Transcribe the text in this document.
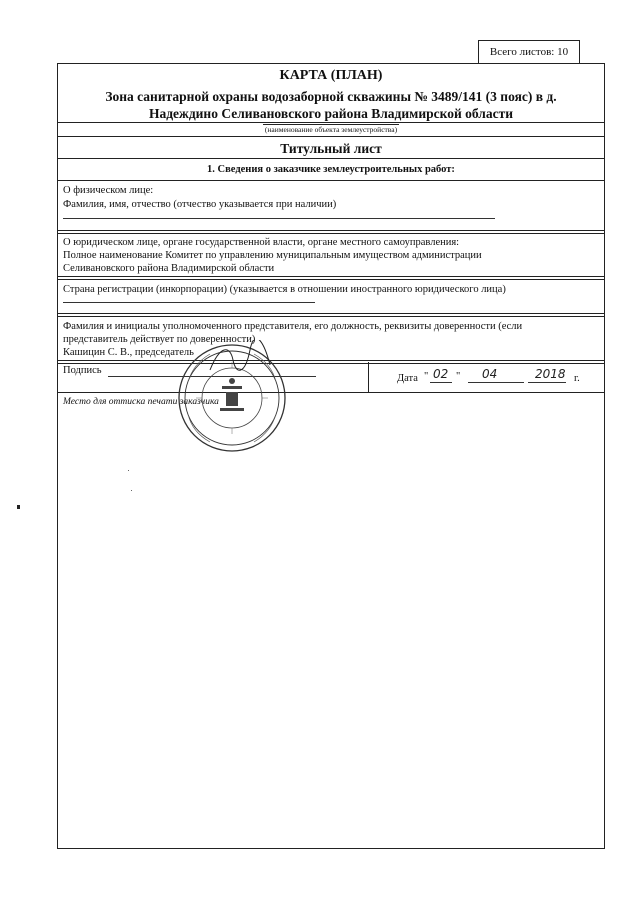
Всего листов: 10
КАРТА (ПЛАН)
Зона санитарной охраны водозаборной скважины № 3489/141 (3 пояс) в д.
Надеждино Селивановского района Владимирской области
(наименование объекта землеустройства)
Титульный лист
1. Сведения о заказчике землеустроительных работ:
О физическом лице:
Фамилия, имя, отчество (отчество указывается при наличии)
О юридическом лице, органе государственной власти, органе местного самоуправления:
Полное наименование Комитет по управлению муниципальным имуществом администрации
Селивановского района Владимирской области
Страна регистрации (инкорпорации) (указывается в отношении иностранного юридического лица)
Фамилия и инициалы уполномоченного представителя, его должность, реквизиты доверенности (если
представитель действует по доверенности)
Кашицин С. В., председатель
Подпись
Дата " 02 " 04	2018 г.
Место для оттиска печати заказчика
